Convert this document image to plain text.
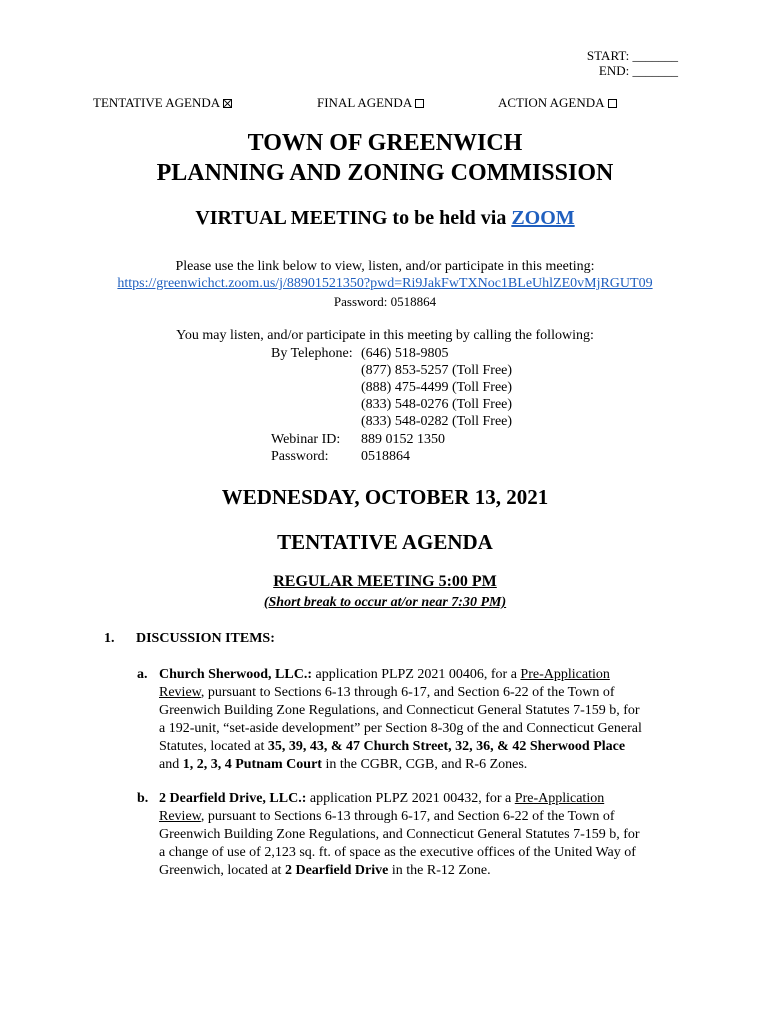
START: _______
END: _______
TENTATIVE AGENDA	FINAL AGENDA	ACTION AGENDA
TOWN OF GREENWICH
PLANNING AND ZONING COMMISSION
VIRTUAL MEETING to be held via ZOOM
Please use the link below to view, listen, and/or participate in this meeting:
https://greenwichct.zoom.us/j/88901521350?pwd=Ri9JakFwTXNoc1BLeUhlZE0vMjRGUT09
Password: 0518864
You may listen, and/or participate in this meeting by calling the following:
By Telephone: (646) 518-9805
(877) 853-5257 (Toll Free)
(888) 475-4499 (Toll Free)
(833) 548-0276 (Toll Free)
(833) 548-0282 (Toll Free)
Webinar ID: 889 0152 1350
Password: 0518864
WEDNESDAY, OCTOBER 13, 2021
TENTATIVE AGENDA
REGULAR MEETING 5:00 PM
(Short break to occur at/or near 7:30 PM)
1. DISCUSSION ITEMS:
a. Church Sherwood, LLC.: application PLPZ 2021 00406, for a Pre-Application
Review, pursuant to Sections 6-13 through 6-17, and Section 6-22 of the Town of
Greenwich Building Zone Regulations, and Connecticut General Statutes 7-159 b, for
a 192-unit, “set-aside development” per Section 8-30g of the and Connecticut General
Statutes, located at 35, 39, 43, & 47 Church Street, 32, 36, & 42 Sherwood Place
and 1, 2, 3, 4 Putnam Court in the CGBR, CGB, and R-6 Zones.
b. 2 Dearfield Drive, LLC.: application PLPZ 2021 00432, for a Pre-Application
Review, pursuant to Sections 6-13 through 6-17, and Section 6-22 of the Town of
Greenwich Building Zone Regulations, and Connecticut General Statutes 7-159 b, for
a change of use of 2,123 sq. ft. of space as the executive offices of the United Way of
Greenwich, located at 2 Dearfield Drive in the R-12 Zone.
